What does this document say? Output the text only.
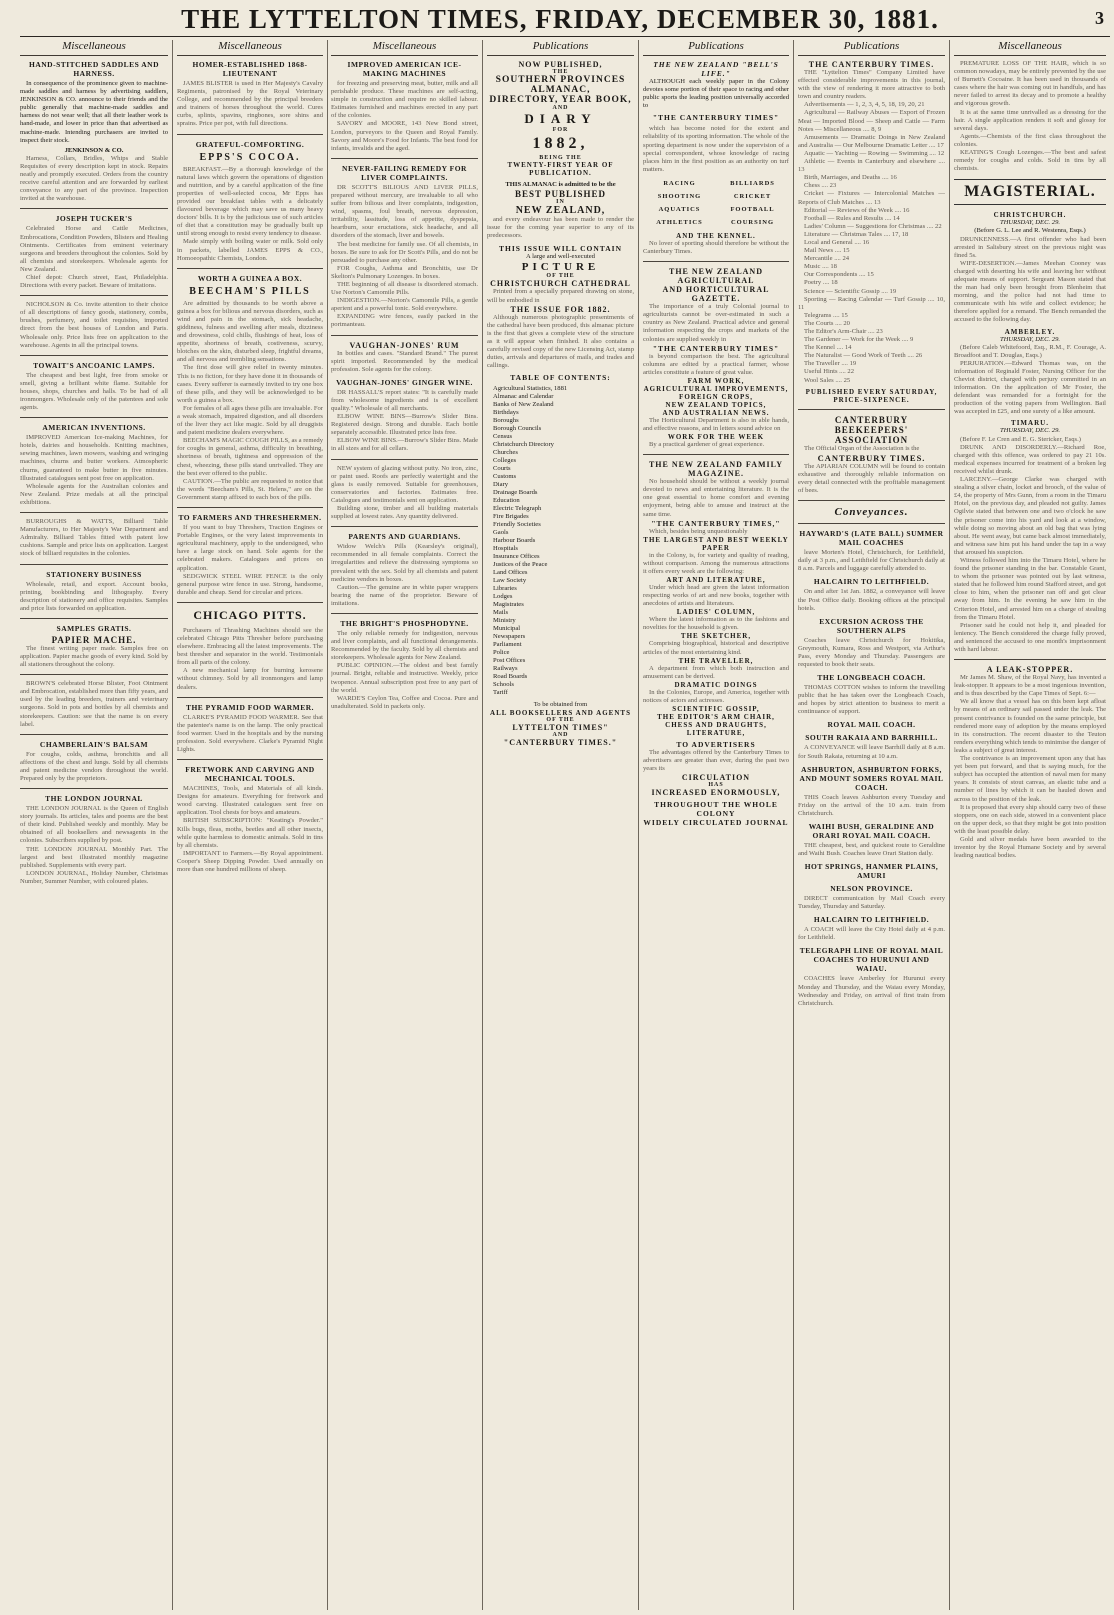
THE LYTTELTON TIMES, FRIDAY, DECEMBER 30, 1881.	3
Miscellaneous
HAND-STITCHED SADDLES AND HARNESS.

In consequence of the prominence given to machine-made saddles and harness by advertising saddlers, JENKINSON & CO. announce to their friends and the public generally that machine-made saddles and harness do not wear well; that all their leather work is hand-made, and lower in price than that advertised as machine-made. Intending purchasers are invited to inspect their stock.

JENKINSON & CO.

Harness, Collars, Bridles, Whips and Stable Requisites of every description kept in stock. Repairs neatly and promptly executed. Orders from the country receive careful attention and are forwarded by earliest conveyance to any part of the province. Inspection invited at the warehouse.

JOSEPH TUCKER'S

Celebrated Horse and Cattle Medicines, Embrocations, Condition Powders, Blisters and Healing Ointments. Certificates from eminent veterinary surgeons and breeders throughout the colonies. Sold by all chemists and storekeepers. Wholesale agents for New Zealand.

Chief depot: Church street, East, Philadelphia. Directions with every packet. Beware of imitations.

NICHOLSON & Co. invite attention to their choice of all descriptions of fancy goods, stationery, combs, brushes, perfumery, and toilet requisites, imported direct from the best houses of London and Paris. Wholesale only. Price lists free on application to the warehouse. Agents in all the principal towns.

TOWAIT'S ANCOANIC LAMPS.

The cheapest and best light, free from smoke or smell, giving a brilliant white flame. Suitable for houses, shops, churches and halls. To be had of all ironmongers. Wholesale only of the patentees and sole agents.

AMERICAN INVENTIONS.

IMPROVED American Ice-making Machines, for hotels, dairies and households. Knitting machines, sewing machines, lawn mowers, washing and wringing machines, churns and butter workers. Atmospheric churns, guaranteed to make butter in five minutes. Illustrated catalogues sent post free on application.

Wholesale agents for the Australian colonies and New Zealand. Prize medals at all the principal exhibitions.

BURROUGHS & WATTS, Billiard Table Manufacturers, to Her Majesty's War Department and Admiralty. Billiard Tables fitted with patent low cushions. Sample and price lists on application. Largest stock of billiard requisites in the colonies.

STATIONERY BUSINESS

Wholesale, retail, and export. Account books, printing, bookbinding and lithography. Every description of stationery and office requisites. Samples and price lists forwarded on application.

SAMPLES GRATIS.
PAPIER MACHE.

The finest writing paper made. Samples free on application. Papier mache goods of every kind. Sold by all stationers throughout the colony.

BROWN'S celebrated Horse Blister, Foot Ointment and Embrocation, established more than fifty years, and used by the leading breeders, trainers and veterinary surgeons. Sold in pots and bottles by all chemists and storekeepers. Caution: see that the name is on every label.

CHAMBERLAIN'S BALSAM

For coughs, colds, asthma, bronchitis and all affections of the chest and lungs. Sold by all chemists and patent medicine vendors throughout the world. Prepared only by the proprietors.

THE LONDON JOURNAL

THE LONDON JOURNAL is the Queen of English story journals. Its articles, tales and poems are the best of their kind. Published weekly and monthly. May be obtained of all booksellers and newsagents in the colonies. Subscribers supplied by post.

THE LONDON JOURNAL Monthly Part. The largest and best illustrated monthly magazine published. Supplements with every part.

LONDON JOURNAL, Holiday Number, Christmas Number, Summer Number, with coloured plates.

Miscellaneous
HOMER-ESTABLISHED 1868-LIEUTENANT

JAMES BLISTER is used in Her Majesty's Cavalry Regiments, patronised by the Royal Veterinary College, and recommended by the principal breeders and trainers of horses throughout the world. Cures curbs, splints, spavins, ringbones, sore shins and sprains. Price per pot, with full directions.

GRATEFUL-COMFORTING.
EPPS'S COCOA.

BREAKFAST.—By a thorough knowledge of the natural laws which govern the operations of digestion and nutrition, and by a careful application of the fine properties of well-selected cocoa, Mr Epps has provided our breakfast tables with a delicately flavoured beverage which may save us many heavy doctors' bills. It is by the judicious use of such articles of diet that a constitution may be gradually built up until strong enough to resist every tendency to disease.

Made simply with boiling water or milk. Sold only in packets, labelled JAMES EPPS & CO., Homoeopathic Chemists, London.

WORTH A GUINEA A BOX.
BEECHAM'S PILLS

Are admitted by thousands to be worth above a guinea a box for bilious and nervous disorders, such as wind and pain in the stomach, sick headache, giddiness, fulness and swelling after meals, dizziness and drowsiness, cold chills, flushings of heat, loss of appetite, shortness of breath, costiveness, scurvy, blotches on the skin, disturbed sleep, frightful dreams, and all nervous and trembling sensations.

The first dose will give relief in twenty minutes. This is no fiction, for they have done it in thousands of cases. Every sufferer is earnestly invited to try one box of these pills, and they will be acknowledged to be worth a guinea a box.

For females of all ages these pills are invaluable. For a weak stomach, impaired digestion, and all disorders of the liver they act like magic. Sold by all druggists and patent medicine dealers everywhere.

BEECHAM'S MAGIC COUGH PILLS, as a remedy for coughs in general, asthma, difficulty in breathing, shortness of breath, tightness and oppression of the chest, wheezing, these pills stand unrivalled. They are the best ever offered to the public.

CAUTION.—The public are requested to notice that the words "Beecham's Pills, St. Helens," are on the Government stamp affixed to each box of the pills.

TO FARMERS AND THRESHERMEN.

If you want to buy Threshers, Traction Engines or Portable Engines, or the very latest improvements in agricultural machinery, apply to the undersigned, who have a large stock on hand. Sole agents for the celebrated makers. Catalogues and prices on application.

SEDGWICK STEEL WIRE FENCE is the only general purpose wire fence in use. Strong, handsome, durable and cheap. Send for circular and prices.

CHICAGO PITTS.

Purchasers of Thrashing Machines should see the celebrated Chicago Pitts Thresher before purchasing elsewhere. Embracing all the latest improvements. The best thresher and separator in the world. Testimonials from all parts of the colony.

A new mechanical lamp for burning kerosene without chimney. Sold by all ironmongers and lamp dealers.

THE PYRAMID FOOD WARMER.

CLARKE'S PYRAMID FOOD WARMER. See that the patentee's name is on the lamp. The only practical food warmer. Used in the hospitals and by the nursing profession. Sold everywhere. Clarke's Pyramid Night Lights.

FRETWORK AND CARVING AND MECHANICAL TOOLS.

MACHINES, Tools, and Materials of all kinds. Designs for amateurs. Everything for fretwork and wood carving. Illustrated catalogues sent free on application. Tool chests for boys and amateurs.

BRITISH SUBSCRIPTION: "Keating's Powder." Kills bugs, fleas, moths, beetles and all other insects, while quite harmless to domestic animals. Sold in tins by all chemists.

IMPORTANT to Farmers.—By Royal appointment. Cooper's Sheep Dipping Powder. Used annually on more than one hundred millions of sheep.

Miscellaneous
IMPROVED AMERICAN ICE-MAKING MACHINES

for freezing and preserving meat, butter, milk and all perishable produce. These machines are self-acting, simple in construction and require no skilled labour. Estimates furnished and machines erected in any part of the colonies.

SAVORY and MOORE, 143 New Bond street, London, purveyors to the Queen and Royal Family. Savory and Moore's Food for Infants. The best food for infants, invalids and the aged.

NEVER-FAILING REMEDY FOR LIVER COMPLAINTS.

DR SCOTT'S BILIOUS AND LIVER PILLS, prepared without mercury, are invaluable to all who suffer from bilious and liver complaints, indigestion, wind, spasms, foul breath, nervous depression, irritability, lassitude, loss of appetite, dyspepsia, heartburn, sour eructations, sick headache, and all disorders of the stomach, liver and bowels.

The best medicine for family use. Of all chemists, in boxes. Be sure to ask for Dr Scott's Pills, and do not be persuaded to purchase any other.

FOR Coughs, Asthma and Bronchitis, use Dr Skelton's Pulmonary Lozenges. In boxes.

THE beginning of all disease is disordered stomach. Use Norton's Camomile Pills.

INDIGESTION.—Norton's Camomile Pills, a gentle aperient and a powerful tonic. Sold everywhere.

EXPANDING wire fences, easily packed in the portmanteau.

VAUGHAN-JONES' RUM

In bottles and cases. "Standard Brand." The purest spirit imported. Recommended by the medical profession. Sole agents for the colony.

VAUGHAN-JONES' GINGER WINE.

DR HASSALL'S report states: "It is carefully made from wholesome ingredients and is of excellent quality." Wholesale of all merchants.

ELBOW WINE BINS—Burrow's Slider Bins. Registered design. Strong and durable. Each bottle separately accessible. Illustrated price lists free.

ELBOW WINE BINS.—Burrow's Slider Bins. Made in all sizes and for all cellars.

NEW system of glazing without putty. No iron, zinc, or paint used. Roofs are perfectly watertight and the glass is easily removed. Suitable for greenhouses, conservatories and factories. Estimates free. Catalogues and testimonials sent on application.

Building stone, timber and all building materials supplied at lowest rates. Any quantity delivered.

PARENTS AND GUARDIANS.

Widow Welch's Pills (Kearsley's original), recommended in all female complaints. Correct the irregularities and relieve the distressing symptoms so prevalent with the sex. Sold by all chemists and patent medicine vendors in boxes.

Caution.—The genuine are in white paper wrappers bearing the name of the proprietor. Beware of imitations.

THE BRIGHT'S PHOSPHODYNE.

The only reliable remedy for indigestion, nervous and liver complaints, and all functional derangements. Recommended by the faculty. Sold by all chemists and storekeepers. Wholesale agents for New Zealand.

PUBLIC OPINION.—The oldest and best family journal. Bright, reliable and instructive. Weekly, price twopence. Annual subscription post free to any part of the world.

WARDE'S Ceylon Tea, Coffee and Cocoa. Pure and unadulterated. Sold in packets only.

Publications
NOW PUBLISHED,
THE
SOUTHERN PROVINCES ALMANAC,
DIRECTORY, YEAR BOOK,
AND
DIARY
FOR
1882,
BEING THE
TWENTY-FIRST YEAR OF PUBLICATION.
THIS ALMANAC is admitted to be the
BEST PUBLISHED
IN
NEW ZEALAND,

and every endeavour has been made to render the issue for the coming year superior to any of its predecessors.

THIS ISSUE WILL CONTAIN
A large and well-executed
PICTURE
OF THE
CHRISTCHURCH CATHEDRAL

Printed from a specially prepared drawing on stone, will be embodied in

THE ISSUE FOR 1882.

Although numerous photographic presentments of the cathedral have been produced, this almanac picture is the first that gives a complete view of the structure as it will appear when finished. It also contains a carefully revised copy of the new Licensing Act, stamp duties, arrivals and departures of mails, and trades and callings.

TABLE OF CONTENTS:
Agricultural Statistics, 1881
Almanac and Calendar
Banks of New Zealand
Birthdays
Boroughs
Borough Councils
Census
Christchurch Directory
Churches
Colleges
Courts
Customs
Diary
Drainage Boards
Education
Electric Telegraph
Fire Brigades
Friendly Societies
Gaols
Harbour Boards
Hospitals
Insurance Offices
Justices of the Peace
Land Offices
Law Society
Libraries
Lodges
Magistrates
Mails
Ministry
Municipal
Newspapers
Parliament
Police
Post Offices
Railways
Road Boards
Schools
Tariff
To be obtained from
ALL BOOKSELLERS AND AGENTS
OF THE
LYTTELTON TIMES"
AND
"CANTERBURY TIMES."
Publications
THE NEW ZEALAND "BELL'S LIFE."

ALTHOUGH each weekly paper in the Colony devotes some portion of their space to racing and other public sports the leading position universally accorded to

"THE CANTERBURY TIMES"

which has become noted for the extent and reliability of its sporting information. The whole of the sporting department is now under the supervision of a special correspondent, whose knowledge of racing places him in the first position as an authority on turf matters.

RACING	BILLIARDS
SHOOTING	CRICKET
AQUATICS	FOOTBALL
ATHLETICS	COURSING
AND THE KENNEL.

No lover of sporting should therefore be without the Canterbury Times.

THE NEW ZEALAND AGRICULTURAL
AND HORTICULTURAL GAZETTE.

The importance of a truly Colonial journal to agriculturists cannot be over-estimated in such a country as New Zealand. Practical advice and general information respecting the crops and markets of the colonies are supplied weekly in

"THE CANTERBURY TIMES"

is beyond comparison the best. The agricultural columns are edited by a practical farmer, whose articles constitute a feature of great value.

FARM WORK,
AGRICULTURAL IMPROVEMENTS,
FOREIGN CROPS,
NEW ZEALAND TOPICS,
AND AUSTRALIAN NEWS.

The Horticultural Department is also in able hands, and effective reasons, and in letters sound advice on

WORK FOR THE WEEK

By a practical gardener of great experience.

THE NEW ZEALAND FAMILY
MAGAZINE.

No household should be without a weekly journal devoted to news and entertaining literature. It is the one great essential to home comfort and evening enjoyment, being able to amuse and instruct at the same time.

"THE CANTERBURY TIMES,"

Which, besides being unquestionably

THE LARGEST AND BEST WEEKLY PAPER

in the Colony, is, for variety and quality of reading, without comparison. Among the numerous attractions it offers every week are the following:

ART AND LITERATURE,

Under which head are given the latest information respecting works of art and new books, together with anecdotes of artists and literateurs.

LADIES' COLUMN,

Where the latest information as to the fashions and novelties for the household is given.

THE SKETCHER,

Comprising biographical, historical and descriptive articles of the most entertaining kind.

THE TRAVELLER,

A department from which both instruction and amusement can be derived.

DRAMATIC DOINGS

In the Colonies, Europe, and America, together with notices of actors and actresses.

SCIENTIFIC GOSSIP,
THE EDITOR'S ARM CHAIR,
CHESS AND DRAUGHTS,
LITERATURE,
TO ADVERTISERS

The advantages offered by the Canterbury Times to advertisers are greater than ever, during the past two years its

CIRCULATION
HAS
INCREASED ENORMOUSLY,
THROUGHOUT THE WHOLE COLONY
WIDELY CIRCULATED JOURNAL
Publications
THE CANTERBURY TIMES.

THE "Lyttelton Times" Company Limited have effected considerable improvements in this journal, with the view of rendering it more attractive to both town and country readers.

Advertisements — 1, 2, 3, 4, 5, 18, 19, 20, 21

Agricultural — Railway Abuses — Export of Frozen Meat — Imported Blood — Sheep and Cattle — Farm Notes — Miscellaneous .... 8, 9

Amusements — Dramatic Doings in New Zealand and Australia — Our Melbourne Dramatic Letter .... 17

Aquatic — Yachting — Rowing — Swimming .... 12

Athletic — Events in Canterbury and elsewhere .... 13

Birth, Marriages, and Deaths .... 16

Chess .... 23

Cricket — Fixtures — Intercolonial Matches — Reports of Club Matches .... 13

Editorial — Reviews of the Week .... 16

Football — Rules and Results .... 14

Ladies' Column — Suggestions for Christmas .... 22

Literature — Christmas Tales .... 17, 18

Local and General .... 16

Mail News .... 15

Mercantile .... 24

Music .... 18

Our Correspondents .... 15

Poetry .... 18

Science — Scientific Gossip .... 19

Sporting — Racing Calendar — Turf Gossip .... 10, 11

Telegrams .... 15

The Courts .... 20

The Editor's Arm-Chair .... 23

The Gardener — Work for the Week .... 9

The Kennel .... 14

The Naturalist — Good Work of Teeth .... 26

The Traveller .... 19

Useful Hints .... 22

Wool Sales .... 25

PUBLISHED EVERY SATURDAY,
PRICE-SIXPENCE.
CANTERBURY
BEEKEEPERS' ASSOCIATION

The Official Organ of the Association is the

CANTERBURY TIMES.

The APIARIAN COLUMN will be found to contain exhaustive and thoroughly reliable information on every detail connected with the profitable management of bees.

Conveyances.
HAYWARD'S (LATE BALL) SUMMER MAIL COACHES

leave Morten's Hotel, Christchurch, for Leithfield, daily at 3 p.m., and Leithfield for Christchurch daily at 8 a.m. Parcels and luggage carefully attended to.

HALCAIRN TO LEITHFIELD.

On and after 1st Jan. 1882, a conveyance will leave the Post Office daily. Booking offices at the principal hotels.

EXCURSION ACROSS THE SOUTHERN ALPS

Coaches leave Christchurch for Hokitika, Greymouth, Kumara, Ross and Westport, via Arthur's Pass, every Monday and Thursday. Passengers are requested to book their seats.

THE LONGBEACH COACH.

THOMAS COTTON wishes to inform the travelling public that he has taken over the Longbeach Coach, and hopes by strict attention to business to merit a continuance of support.

ROYAL MAIL COACH.
SOUTH RAKAIA AND BARRHILL.

A CONVEYANCE will leave Barrhill daily at 8 a.m. for South Rakaia, returning at 10 a.m.

ASHBURTON, ASHBURTON FORKS, AND MOUNT SOMERS ROYAL MAIL COACH.

THIS Coach leaves Ashburton every Tuesday and Friday on the arrival of the 10 a.m. train from Christchurch.

WAIHI BUSH, GERALDINE AND ORARI ROYAL MAIL COACH.

THE cheapest, best, and quickest route to Geraldine and Waihi Bush. Coaches leave Orari Station daily.

HOT SPRINGS, HANMER PLAINS, AMURI
NELSON PROVINCE.

DIRECT communication by Mail Coach every Tuesday, Thursday and Saturday.

HALCAIRN TO LEITHFIELD.

A COACH will leave the City Hotel daily at 4 p.m. for Leithfield.

TELEGRAPH LINE OF ROYAL MAIL COACHES TO HURUNUI AND WAIAU.

COACHES leave Amberley for Hurunui every Monday and Thursday, and the Waiau every Monday, Wednesday and Friday, on arrival of first train from Christchurch.

Miscellaneous

PREMATURE LOSS OF THE HAIR, which is so common nowadays, may be entirely prevented by the use of Burnett's Cocoaine. It has been used in thousands of cases where the hair was coming out in handfuls, and has never failed to arrest its decay and to promote a healthy and vigorous growth.

It is at the same time unrivalled as a dressing for the hair. A single application renders it soft and glossy for several days.

Agents.—Chemists of the first class throughout the colonies.

KEATING'S Cough Lozenges.—The best and safest remedy for coughs and colds. Sold in tins by all chemists.

MAGISTERIAL.
CHRISTCHURCH.
THURSDAY, DEC. 29.
(Before G. L. Lee and R. Westenra, Esqs.)

DRUNKENNESS.—A first offender who had been arrested in Salisbury street on the previous night was fined 5s.

WIFE-DESERTION.—James Meehan Cooney was charged with deserting his wife and leaving her without adequate means of support. Sergeant Mason stated that the man had only been brought from Blenheim that morning, and the police had not had time to communicate with his wife and collect evidence; he therefore applied for a remand. The Bench remanded the accused to the following day.

AMBERLEY.
THURSDAY, DEC. 29.

(Before Caleb Whitefoord, Esq., R.M., F. Courage, A. Broadfoot and T. Douglas, Esqs.)

PERJURATION.—Edward Thomas was, on the information of Reginald Foster, Nursing Officer for the Cheviot district, charged with perjury committed in an information. On the application of Mr Foster, the defendant was remanded for a fortnight for the production of the voting papers from Wellington. Bail was accepted in £25, and one surety of a like amount.

TIMARU.
THURSDAY, DEC. 29.

(Before F. Le Cren and E. G. Stericker, Esqs.)

DRUNK AND DISORDERLY.—Richard Roe, charged with this offence, was ordered to pay 21 10s. medical expenses incurred for treatment of a broken leg received whilst drunk.

LARCENY.—George Clarke was charged with stealing a silver chain, locket and brooch, of the value of £4, the property of Mrs Gunn, from a room in the Timaru Hotel, on the previous day, and pleaded not guilty. James Ogilvie stated that between one and two o'clock he saw the prisoner come into his yard and look at a window, while doing so moving about an old bag that was lying about. He went away, but came back almost immediately, and witness saw him put his hand under the tap in a way that aroused his suspicion.

Witness followed him into the Timaru Hotel, where he found the prisoner standing in the bar. Constable Grant, to whom the prisoner was pointed out by last witness, stated that he followed him round Stafford street, and got close to him, when the prisoner ran off and got clear away from him. In the evening he saw him in the Criterion Hotel, and arrested him on a charge of stealing from the Timaru Hotel.

Prisoner said he could not help it, and pleaded for leniency. The Bench considered the charge fully proved, and sentenced the accused to one month's imprisonment with hard labour.

A LEAK-STOPPER.

Mr James M. Shaw, of the Royal Navy, has invented a leak-stopper. It appears to be a most ingenious invention, and is thus described by the Cape Times of Sept. 6:—

We all know that a vessel has on this been kept afloat by means of an ordinary sail passed under the leak. The present contrivance is founded on the same principle, but rendered more easy of adoption by the means employed in its construction. The recent disaster to the Teuton renders everything which tends to minimise the danger of leaks a subject of great interest.

The contrivance is an improvement upon any that has yet been put forward, and that is saying much, for the subject has occupied the attention of naval men for many years. It consists of stout canvas, an elastic tube and a number of lines by which it can be hauled down and across to the position of the leak.

It is proposed that every ship should carry two of these stoppers, one on each side, stowed in a convenient place on the upper deck, so that they might be got into position with the least possible delay.

Gold and silver medals have been awarded to the inventor by the Royal Humane Society and by several leading nautical bodies.
